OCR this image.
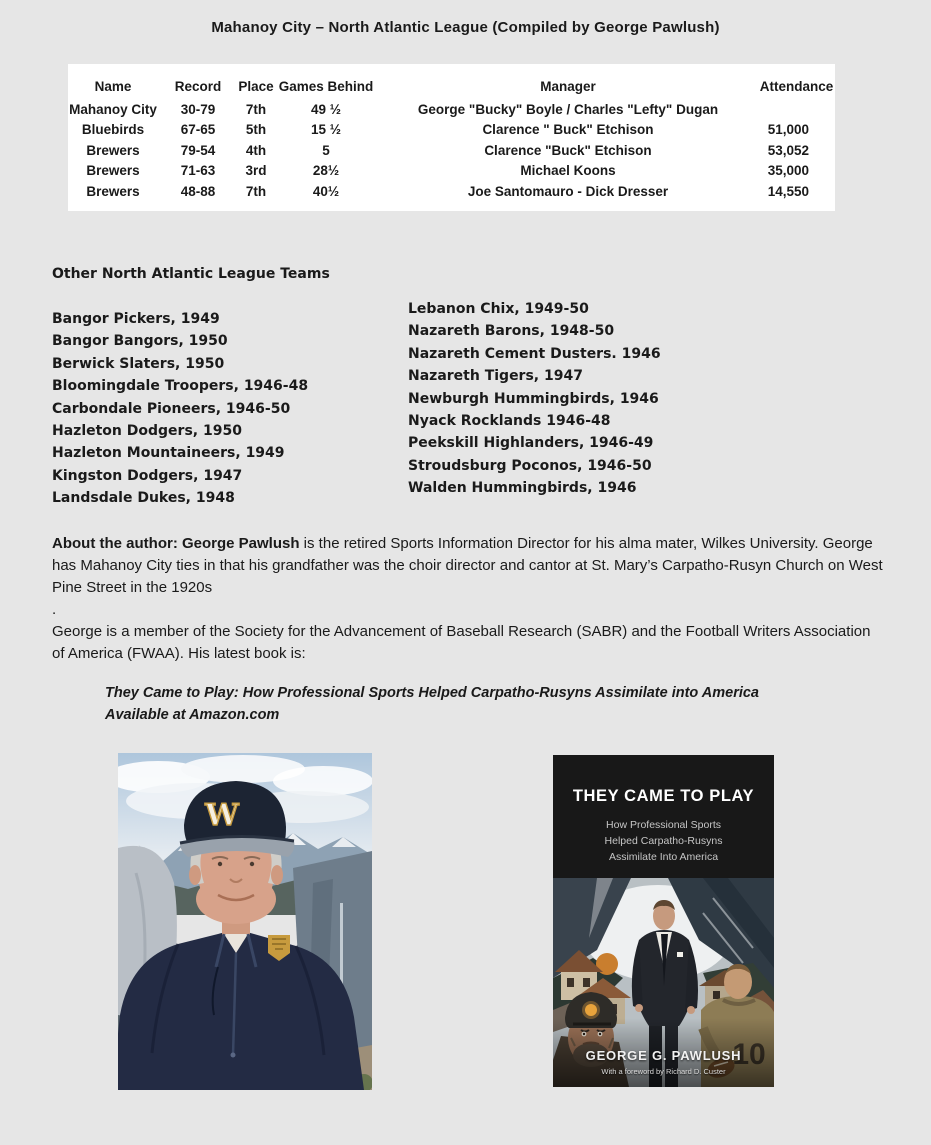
Mahanoy City – North Atlantic League (Compiled by George Pawlush)
Name	Record	Place	Games Behind	Manager	Attendance
Mahanoy City	30-79	7th	49 ½	George "Bucky" Boyle / Charles "Lefty" Dugan	
Bluebirds	67-65	5th	15 ½	Clarence " Buck" Etchison	51,000
Brewers	79-54	4th	5	Clarence "Buck" Etchison	53,052
Brewers	71-63	3rd	28½	Michael Koons	35,000
Brewers	48-88	7th	40½	Joe Santomauro - Dick Dresser	14,550
Other North Atlantic League Teams
Bangor Pickers, 1949
Bangor Bangors, 1950
Berwick Slaters, 1950
Bloomingdale Troopers, 1946-48
Carbondale Pioneers, 1946-50
Hazleton Dodgers, 1950
Hazleton Mountaineers, 1949
Kingston Dodgers, 1947
Landsdale Dukes, 1948
Lebanon Chix, 1949-50
Nazareth Barons, 1948-50
Nazareth Cement Dusters. 1946
Nazareth Tigers, 1947
Newburgh Hummingbirds, 1946
Nyack Rocklands 1946-48
Peekskill Highlanders, 1946-49
Stroudsburg Poconos, 1946-50
Walden Hummingbirds, 1946

About the author: George Pawlush is the retired Sports Information Director for his alma mater, Wilkes University. George has Mahanoy City ties in that his grandfather was the choir director and cantor at St. Mary’s Carpatho-Rusyn Church on West Pine Street in the 1920s

.

George is a member of the Society for the Advancement of Baseball Research (SABR) and the Football Writers Association of America (FWAA). His latest book is:

They Came to Play: How Professional Sports Helped Carpatho-Rusyns Assimilate into America
Available at Amazon.com
W
THEY CAME TO PLAY
How Professional Sports
Helped Carpatho-Rusyns
Assimilate Into America
GEORGE G. PAWLUSH
With a foreword by Richard D. Custer
